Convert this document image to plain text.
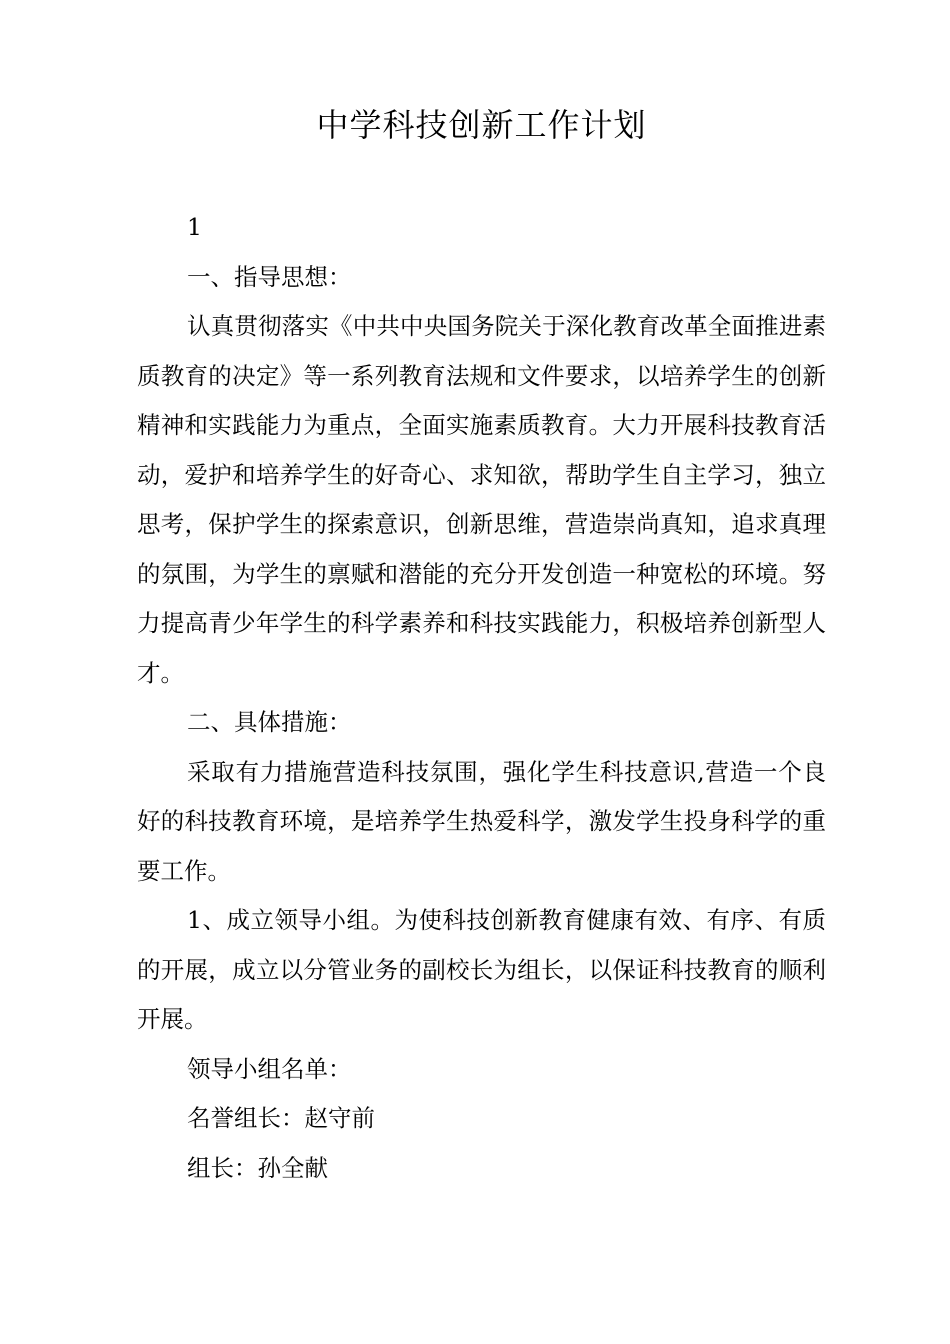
中学科技创新工作计划

1

一、指导思想：

认真贯彻落实《中共中央国务院关于深化教育改革全面推进素质教育的决定》等一系列教育法规和文件要求，以培养学生的创新精神和实践能力为重点，全面实施素质教育。大力开展科技教育活动，爱护和培养学生的好奇心、求知欲，帮助学生自主学习，独立思考，保护学生的探索意识，创新思维，营造崇尚真知，追求真理的氛围，为学生的禀赋和潜能的充分开发创造一种宽松的环境。努力提高青少年学生的科学素养和科技实践能力，积极培养创新型人才。

二、具体措施：

采取有力措施营造科技氛围，强化学生科技意识,营造一个良好的科技教育环境，是培养学生热爱科学，激发学生投身科学的重要工作。

1、成立领导小组。为使科技创新教育健康有效、有序、有质的开展，成立以分管业务的副校长为组长，以保证科技教育的顺利开展。

领导小组名单：

名誉组长：赵守前

组长：孙全献
